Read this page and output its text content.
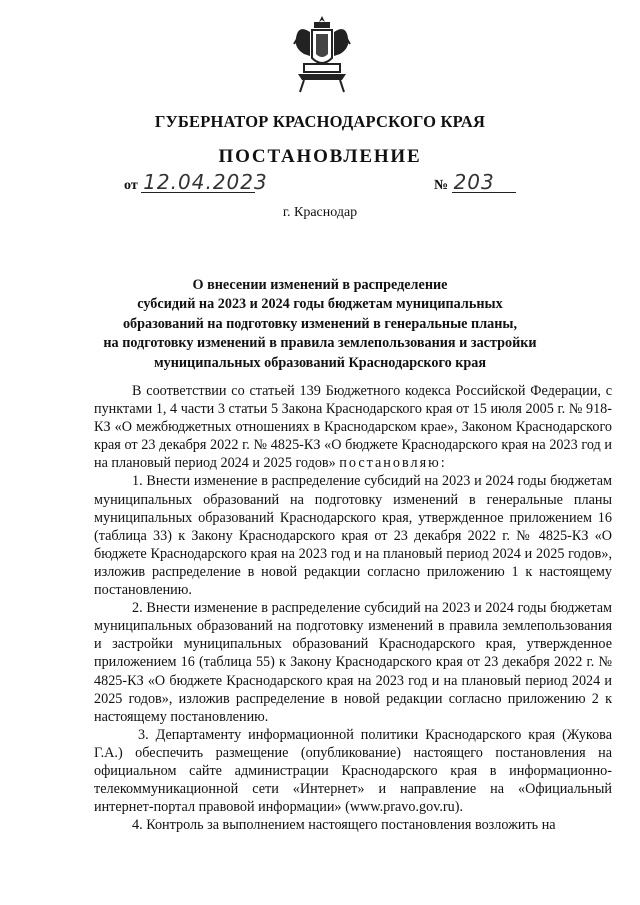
ГУБЕРНАТОР КРАСНОДАРСКОГО КРАЯ
ПОСТАНОВЛЕНИЕ
от 12.04.2023	№ 203
г. Краснодар
О внесении изменений в распределение
субсидий на 2023 и 2024 годы бюджетам муниципальных
образований на подготовку изменений в генеральные планы,
на подготовку изменений в правила землепользования и застройки
муниципальных образований Краснодарского края

В соответствии со статьей 139 Бюджетного кодекса Российской Федерации, с пунктами 1, 4 части 3 статьи 5 Закона Краснодарского края от 15 июля 2005 г. № 918-КЗ «О межбюджетных отношениях в Краснодарском крае», Законом Краснодарского края от 23 декабря 2022 г. № 4825-КЗ «О бюджете Краснодарского края на 2023 год и на плановый период 2024 и 2025 годов» постановляю:

1. Внести изменение в распределение субсидий на 2023 и 2024 годы бюджетам муниципальных образований на подготовку изменений в генеральные планы муниципальных образований Краснодарского края, утвержденное приложением 16 (таблица 33) к Закону Краснодарского края от 23 декабря 2022 г. № 4825-КЗ «О бюджете Краснодарского края на 2023 год и на плановый период 2024 и 2025 годов», изложив распределение в новой редакции согласно приложению 1 к настоящему постановлению.

2. Внести изменение в распределение субсидий на 2023 и 2024 годы бюджетам муниципальных образований на подготовку изменений в правила землепользования и застройки муниципальных образований Краснодарского края, утвержденное приложением 16 (таблица 55) к Закону Краснодарского края от 23 декабря 2022 г. № 4825-КЗ «О бюджете Краснодарского края на 2023 год и на плановый период 2024 и 2025 годов», изложив распределение в новой редакции согласно приложению 2 к настоящему постановлению.

3. Департаменту информационной политики Краснодарского края (Жукова Г.А.) обеспечить размещение (опубликование) настоящего постановления на официальном сайте администрации Краснодарского края в информационно-телекоммуникационной сети «Интернет» и направление на «Официальный интернет-портал правовой информации» (www.pravo.gov.ru).

4. Контроль за выполнением настоящего постановления возложить на
